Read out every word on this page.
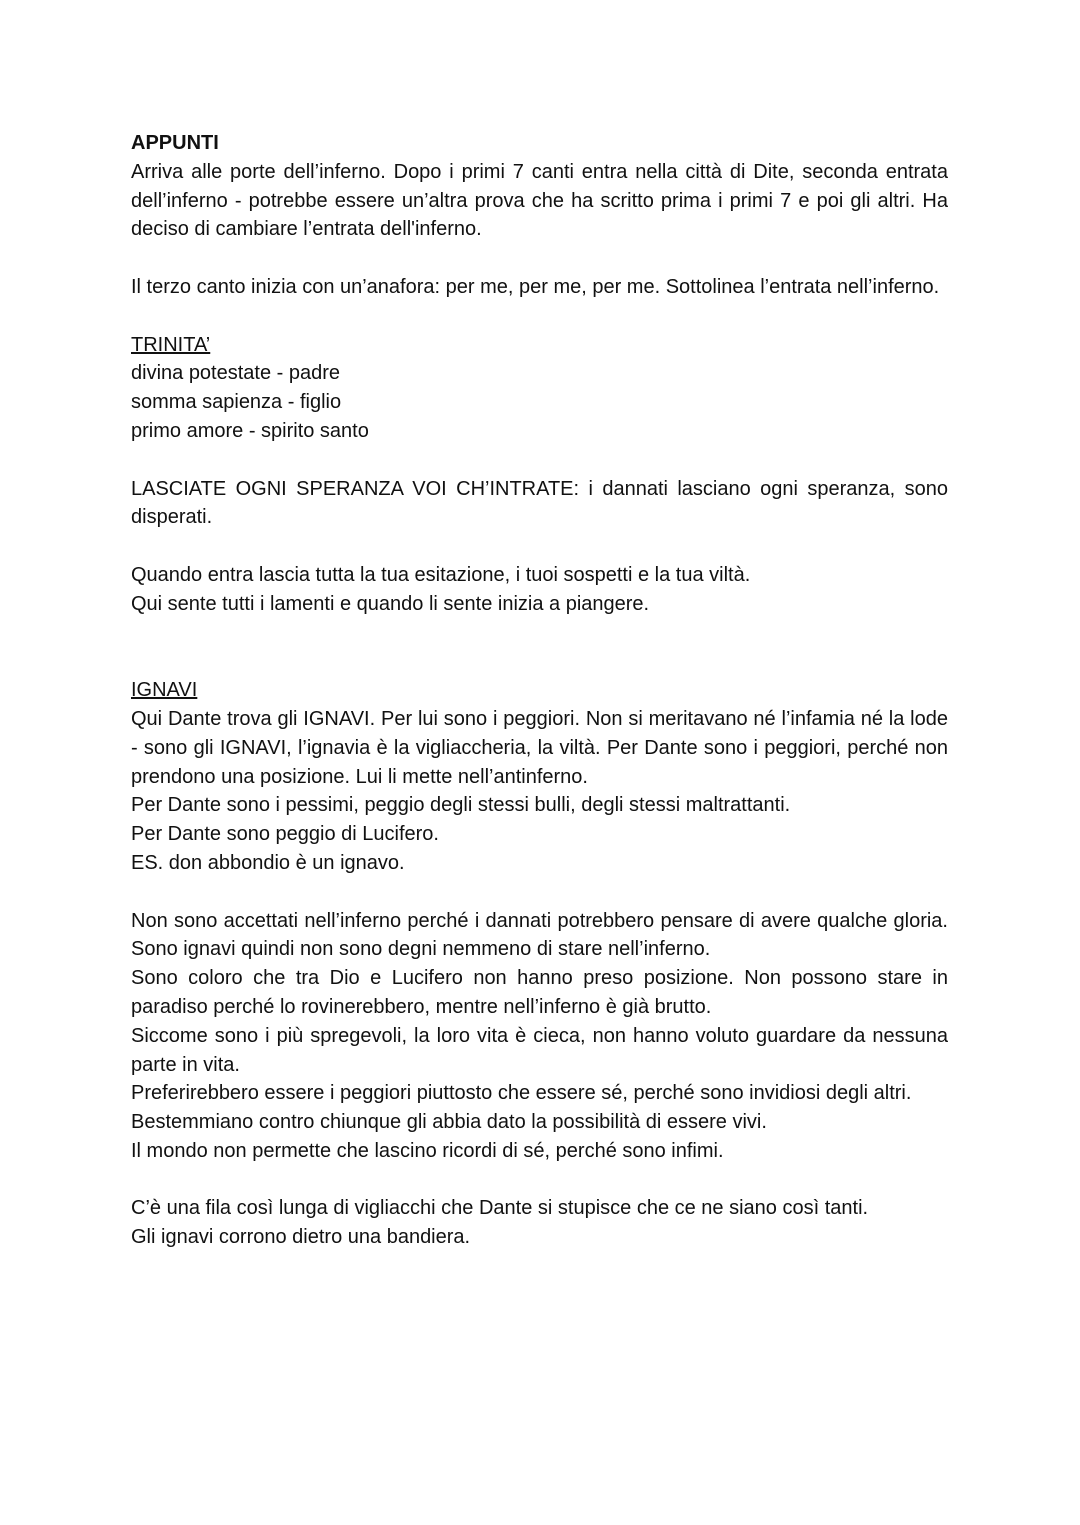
APPUNTI

Arriva alle porte dell’inferno. Dopo i primi 7 canti entra nella città di Dite, seconda entrata dell’inferno - potrebbe essere un’altra prova che ha scritto prima i primi 7 e poi gli altri. Ha deciso di cambiare l’entrata dell'inferno.

Il terzo canto inizia con un’anafora: per me, per me, per me. Sottolinea l’entrata nell’inferno.

TRINITA’

divina potestate - padre

somma sapienza - figlio

primo amore - spirito santo

LASCIATE OGNI SPERANZA VOI CH’INTRATE: i dannati lasciano ogni speranza, sono disperati.

Quando entra lascia tutta la tua esitazione, i tuoi sospetti e la tua viltà.

Qui sente tutti i lamenti e quando li sente inizia a piangere.

IGNAVI

Qui Dante trova gli IGNAVI. Per lui sono i peggiori. Non si meritavano né l’infamia né la lode - sono gli IGNAVI, l’ignavia è la vigliaccheria, la viltà. Per Dante sono i peggiori, perché non prendono una posizione. Lui li mette nell’antinferno.

Per Dante sono i pessimi, peggio degli stessi bulli, degli stessi maltrattanti.

Per Dante sono peggio di Lucifero.

ES. don abbondio è un ignavo.

Non sono accettati nell’inferno perché i dannati potrebbero pensare di avere qualche gloria. Sono ignavi quindi non sono degni nemmeno di stare nell’inferno.

Sono coloro che tra Dio e Lucifero non hanno preso posizione. Non possono stare in paradiso perché lo rovinerebbero, mentre nell’inferno è già brutto.

Siccome sono i più spregevoli, la loro vita è cieca, non hanno voluto guardare da nessuna parte in vita.

Preferirebbero essere i peggiori piuttosto che essere sé, perché sono invidiosi degli altri.

Bestemmiano contro chiunque gli abbia dato la possibilità di essere vivi.

Il mondo non permette che lascino ricordi di sé, perché sono infimi.

C’è una fila così lunga di vigliacchi che Dante si stupisce che ce ne siano così tanti.

Gli ignavi corrono dietro una bandiera.
